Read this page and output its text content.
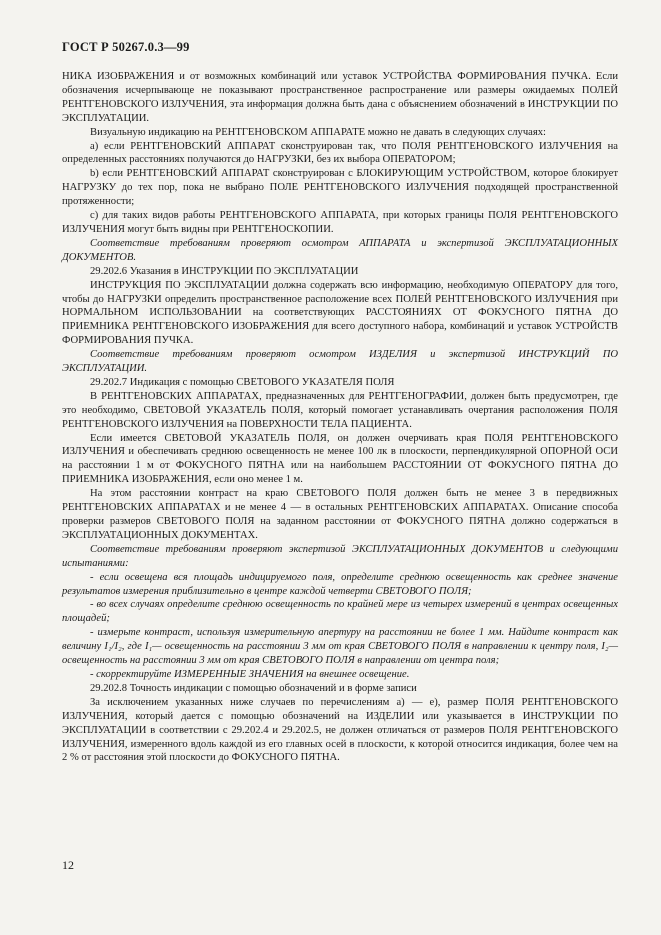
ГОСТ Р 50267.0.3—99

НИКА ИЗОБРАЖЕНИЯ и от возможных комбинаций или уставок УСТРОЙСТВА ФОРМИРОВАНИЯ ПУЧКА. Если обозначения исчерпывающе не показывают пространственное распространение или размеры ожидаемых ПОЛЕЙ РЕНТГЕНОВСКОГО ИЗЛУЧЕНИЯ, эта информация должна быть дана с объяснением обозначений в ИНСТРУКЦИИ ПО ЭКСПЛУАТАЦИИ.

Визуальную индикацию на РЕНТГЕНОВСКОМ АППАРАТЕ можно не давать в следующих случаях:

а) если РЕНТГЕНОВСКИЙ АППАРАТ сконструирован так, что ПОЛЯ РЕНТГЕНОВСКОГО ИЗЛУЧЕНИЯ на определенных расстояниях получаются до НАГРУЗКИ, без их выбора ОПЕРАТОРОМ;

b) если РЕНТГЕНОВСКИЙ АППАРАТ сконструирован с БЛОКИРУЮЩИМ УСТРОЙСТВОМ, которое блокирует НАГРУЗКУ до тех пор, пока не выбрано ПОЛЕ РЕНТГЕНОВСКОГО ИЗЛУЧЕНИЯ подходящей пространственной протяженности;

с) для таких видов работы РЕНТГЕНОВСКОГО АППАРАТА, при которых границы ПОЛЯ РЕНТГЕНОВСКОГО ИЗЛУЧЕНИЯ могут быть видны при РЕНТГЕНОСКОПИИ.

Соответствие требованиям проверяют осмотром АППАРАТА и экспертизой ЭКСПЛУАТАЦИОННЫХ ДОКУМЕНТОВ.

29.202.6 Указания в ИНСТРУКЦИИ ПО ЭКСПЛУАТАЦИИ

ИНСТРУКЦИЯ ПО ЭКСПЛУАТАЦИИ должна содержать всю информацию, необходимую ОПЕРАТОРУ для того, чтобы до НАГРУЗКИ определить пространственное расположение всех ПОЛЕЙ РЕНТГЕНОВСКОГО ИЗЛУЧЕНИЯ при НОРМАЛЬНОМ ИСПОЛЬЗОВАНИИ на соответствующих РАССТОЯНИЯХ ОТ ФОКУСНОГО ПЯТНА ДО ПРИЕМНИКА РЕНТГЕНОВСКОГО ИЗОБРАЖЕНИЯ для всего доступного набора, комбинаций и уставок УСТРОЙСТВ ФОРМИРОВАНИЯ ПУЧКА.

Соответствие требованиям проверяют осмотром ИЗДЕЛИЯ и экспертизой ИНСТРУКЦИЙ ПО ЭКСПЛУАТАЦИИ.

29.202.7 Индикация с помощью СВЕТОВОГО УКАЗАТЕЛЯ ПОЛЯ

В РЕНТГЕНОВСКИХ АППАРАТАХ, предназначенных для РЕНТГЕНОГРАФИИ, должен быть предусмотрен, где это необходимо, СВЕТОВОЙ УКАЗАТЕЛЬ ПОЛЯ, который помогает устанавливать очертания расположения ПОЛЯ РЕНТГЕНОВСКОГО ИЗЛУЧЕНИЯ на ПОВЕРХНОСТИ ТЕЛА ПАЦИЕНТА.

Если имеется СВЕТОВОЙ УКАЗАТЕЛЬ ПОЛЯ, он должен очерчивать края ПОЛЯ РЕНТГЕНОВСКОГО ИЗЛУЧЕНИЯ и обеспечивать среднюю освещенность не менее 100 лк в плоскости, перпендикулярной ОПОРНОЙ ОСИ на расстоянии 1 м от ФОКУСНОГО ПЯТНА или на наибольшем РАССТОЯНИИ ОТ ФОКУСНОГО ПЯТНА ДО ПРИЕМНИКА ИЗОБРАЖЕНИЯ, если оно менее 1 м.

На этом расстоянии контраст на краю СВЕТОВОГО ПОЛЯ должен быть не менее 3 в передвижных РЕНТГЕНОВСКИХ АППАРАТАХ и не менее 4 — в остальных РЕНТГЕНОВСКИХ АППАРАТАХ. Описание способа проверки размеров СВЕТОВОГО ПОЛЯ на заданном расстоянии от ФОКУСНОГО ПЯТНА должно содержаться в ЭКСПЛУАТАЦИОННЫХ ДОКУМЕНТАХ.

Соответствие требованиям проверяют экспертизой ЭКСПЛУАТАЦИОННЫХ ДОКУМЕНТОВ и следующими испытаниями:

- если освещена вся площадь индицируемого поля, определите среднюю освещенность как среднее значение результатов измерения приблизительно в центре каждой четверти СВЕТОВОГО ПОЛЯ;

- во всех случаях определите среднюю освещенность по крайней мере из четырех измерений в центрах освещенных площадей;

- измерьте контраст, используя измерительную апертуру на расстоянии не более 1 мм. Найдите контраст как величину I₁/I₂, где I₁— освещенность на расстоянии 3 мм от края СВЕТОВОГО ПОЛЯ в направлении к центру поля, I₂— освещенность на расстоянии 3 мм от края СВЕТОВОГО ПОЛЯ в направлении от центра поля;

- скорректируйте ИЗМЕРЕННЫЕ ЗНАЧЕНИЯ на внешнее освещение.

29.202.8 Точность индикации с помощью обозначений и в форме записи

За исключением указанных ниже случаев по перечислениям а) — е), размер ПОЛЯ РЕНТГЕНОВСКОГО ИЗЛУЧЕНИЯ, который дается с помощью обозначений на ИЗДЕЛИИ или указывается в ИНСТРУКЦИИ ПО ЭКСПЛУАТАЦИИ в соответствии с 29.202.4 и 29.202.5, не должен отличаться от размеров ПОЛЯ РЕНТГЕНОВСКОГО ИЗЛУЧЕНИЯ, измеренного вдоль каждой из его главных осей в плоскости, к которой относится индикация, более чем на 2 % от расстояния этой плоскости до ФОКУСНОГО ПЯТНА.

12
